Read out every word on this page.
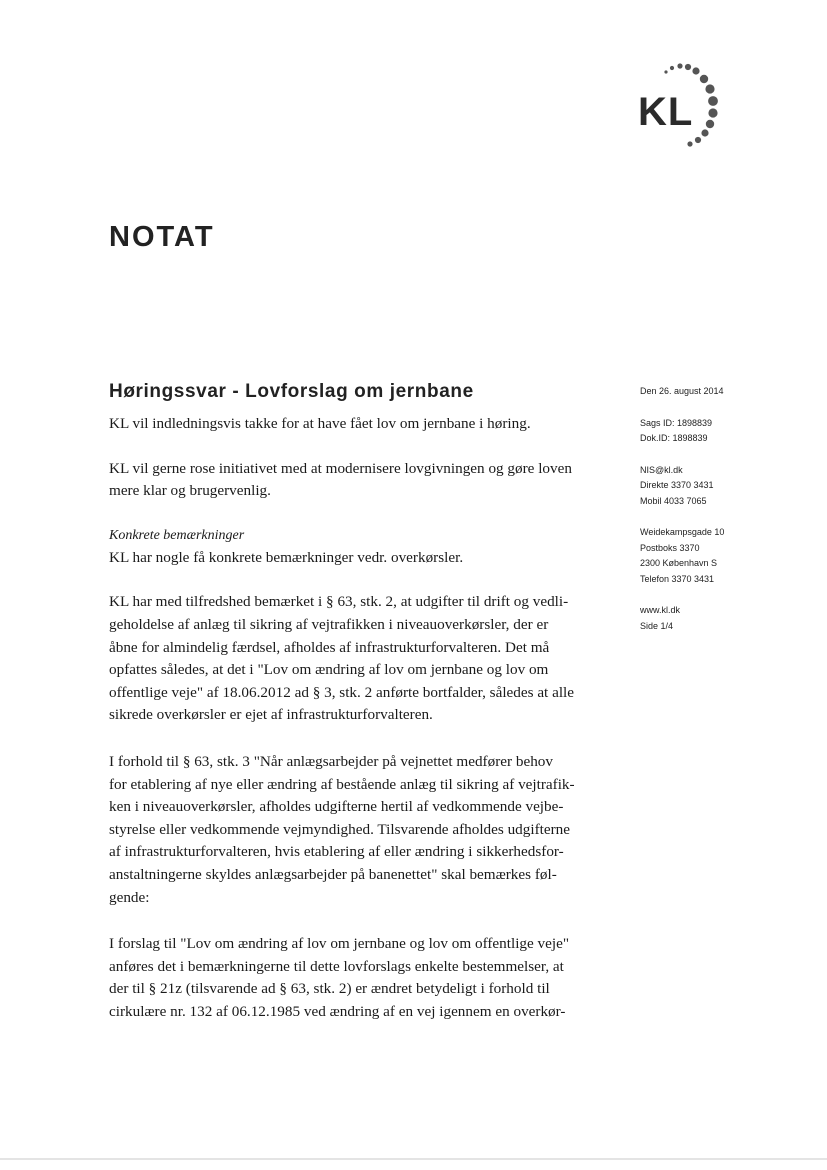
KL
NOTAT
Høringssvar - Lovforslag om jernbane

KL vil indledningsvis takke for at have fået lov om jernbane i høring.

KL vil gerne rose initiativet med at modernisere lovgivningen og gøre loven
mere klar og brugervenlig.

Konkrete bemærkninger

KL har nogle få konkrete bemærkninger vedr. overkørsler.

KL har med tilfredshed bemærket i § 63, stk. 2, at udgifter til drift og vedli-
geholdelse af anlæg til sikring af vejtrafikken i niveauoverkørsler, der er
åbne for almindelig færdsel, afholdes af infrastrukturforvalteren. Det må
opfattes således, at det i "Lov om ændring af lov om jernbane og lov om
offentlige veje" af 18.06.2012 ad § 3, stk. 2 anførte bortfalder, således at alle
sikrede overkørsler er ejet af infrastrukturforvalteren.

I forhold til § 63, stk. 3 "Når anlægsarbejder på vejnettet medfører behov
for etablering af nye eller ændring af bestående anlæg til sikring af vejtrafik-
ken i niveauoverkørsler, afholdes udgifterne hertil af vedkommende vejbe-
styrelse eller vedkommende vejmyndighed. Tilsvarende afholdes udgifterne
af infrastrukturforvalteren, hvis etablering af eller ændring i sikkerhedsfor-
anstaltningerne skyldes anlægsarbejder på banenettet" skal bemærkes føl-
gende:

I forslag til "Lov om ændring af lov om jernbane og lov om offentlige veje"
anføres det i bemærkningerne til dette lovforslags enkelte bestemmelser, at
der til § 21z (tilsvarende ad § 63, stk. 2) er ændret betydeligt i forhold til
cirkulære nr. 132 af 06.12.1985 ved ændring af en vej igennem en overkør-

Den 26. august 2014
Sags ID: 1898839
Dok.ID: 1898839
NIS@kl.dk
Direkte 3370 3431
Mobil 4033 7065
Weidekampsgade 10
Postboks 3370
2300 København S
Telefon 3370 3431
www.kl.dk
Side 1/4
